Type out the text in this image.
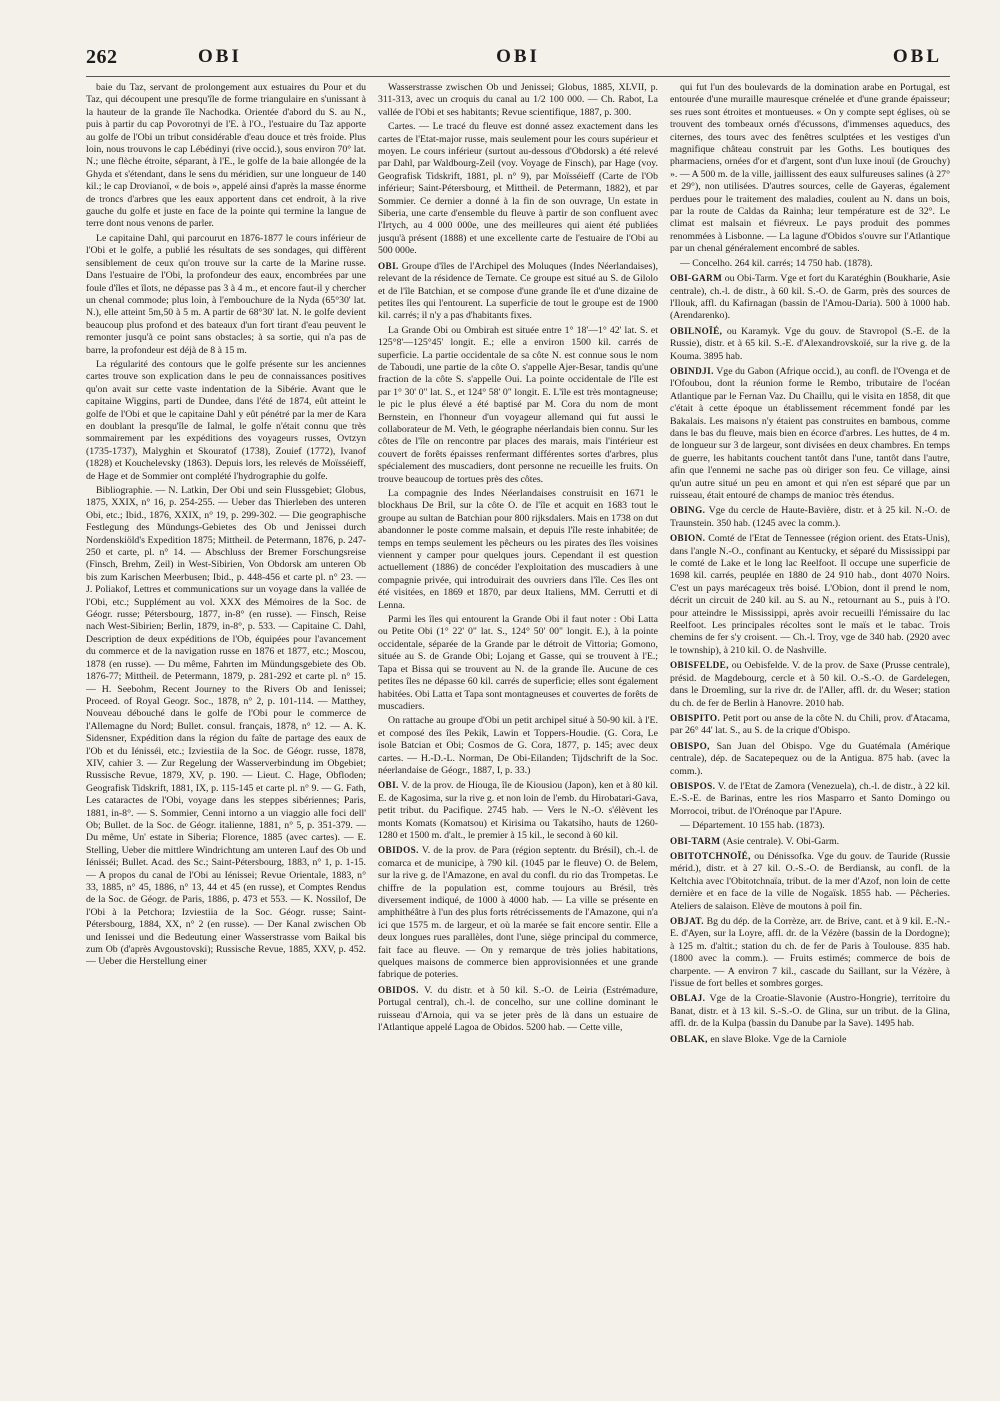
262	OBI	OBI	OBL

baie du Taz, servant de prolongement aux estuaires du Pour et du Taz, qui découpent une presqu'île de forme triangulaire en s'unissant à la hauteur de la grande île Nachodka. Orientée d'abord du S. au N., puis à partir du cap Povorotnyi de l'E. à l'O., l'estuaire du Taz apporte au golfe de l'Obi un tribut considérable d'eau douce et très froide. Plus loin, nous trouvons le cap Lébédinyi (rive occid.), sous environ 70° lat. N.; une flèche étroite, séparant, à l'E., le golfe de la baie allongée de la Ghyda et s'étendant, dans le sens du méridien, sur une longueur de 140 kil.; le cap Drovianoï, « de bois », appelé ainsi d'après la masse énorme de troncs d'arbres que les eaux apportent dans cet endroit, à la rive gauche du golfe et juste en face de la pointe qui termine la langue de terre dont nous venons de parler.

Le capitaine Dahl, qui parcourut en 1876-1877 le cours inférieur de l'Obi et le golfe, a publié les résultats de ses sondages, qui diffèrent sensiblement de ceux qu'on trouve sur la carte de la Marine russe. Dans l'estuaire de l'Obi, la profondeur des eaux, encombrées par une foule d'îles et îlots, ne dépasse pas 3 à 4 m., et encore faut-il y chercher un chenal commode; plus loin, à l'embouchure de la Nyda (65°30' lat. N.), elle atteint 5m,50 à 5 m. A partir de 68°30' lat. N. le golfe devient beaucoup plus profond et des bateaux d'un fort tirant d'eau peuvent le remonter jusqu'à ce point sans obstacles; à sa sortie, qui n'a pas de barre, la profondeur est déjà de 8 à 15 m.

La régularité des contours que le golfe présente sur les anciennes cartes trouve son explication dans le peu de connaissances positives qu'on avait sur cette vaste indentation de la Sibérie. Avant que le capitaine Wiggins, parti de Dundee, dans l'été de 1874, eût atteint le golfe de l'Obi et que le capitaine Dahl y eût pénétré par la mer de Kara en doublant la presqu'île de Ialmal, le golfe n'était connu que très sommairement par les expéditions des voyageurs russes, Ovtzyn (1735-1737), Malyghin et Skouratof (1738), Zouief (1772), Ivanof (1828) et Kouchelevsky (1863). Depuis lors, les relevés de Moïsséieff, de Hage et de Sommier ont complété l'hydrographie du golfe.

Bibliographie. — N. Latkin, Der Obi und sein Flussgebiet; Globus, 1875, XXIX, n° 16, p. 254-255. — Ueber das Thierleben des unteren Obi, etc.; Ibid., 1876, XXIX, n° 19, p. 299-302. — Die geographische Festlegung des Mündungs-Gebietes des Ob und Jenissei durch Nordenskiöld's Expedition 1875; Mittheil. de Petermann, 1876, p. 247-250 et carte, pl. n° 14. — Abschluss der Bremer Forschungsreise (Finsch, Brehm, Zeil) in West-Sibirien, Von Obdorsk am unteren Ob bis zum Karischen Meerbusen; Ibid., p. 448-456 et carte pl. n° 23. — J. Poliakof, Lettres et communications sur un voyage dans la vallée de l'Obi, etc.; Supplément au vol. XXX des Mémoires de la Soc. de Géogr. russe; Pétersbourg, 1877, in-8° (en russe). — Finsch, Reise nach West-Sibirien; Berlin, 1879, in-8°, p. 533. — Capitaine C. Dahl, Description de deux expéditions de l'Ob, équipées pour l'avancement du commerce et de la navigation russe en 1876 et 1877, etc.; Moscou, 1878 (en russe). — Du même, Fahrten im Mündungsgebiete des Ob. 1876-77; Mittheil. de Petermann, 1879, p. 281-292 et carte pl. n° 15. — H. Seebohm, Recent Journey to the Rivers Ob and Ienissei; Proceed. of Royal Geogr. Soc., 1878, n° 2, p. 101-114. — Matthey, Nouveau débouché dans le golfe de l'Obi pour le commerce de l'Allemagne du Nord; Bullet. consul. français, 1878, n° 12. — A. K. Sidensner, Expédition dans la région du faîte de partage des eaux de l'Ob et du Iénisséi, etc.; Izviestiia de la Soc. de Géogr. russe, 1878, XIV, cahier 3. — Zur Regelung der Wasserverbindung im Obgebiet; Russische Revue, 1879, XV, p. 190. — Lieut. C. Hage, Obfloden; Geografisk Tidskrift, 1881, IX, p. 115-145 et carte pl. n° 9. — G. Fath, Les cataractes de l'Obi, voyage dans les steppes sibériennes; Paris, 1881, in-8°. — S. Sommier, Cenni intorno a un viaggio alle foci dell' Ob; Bullet. de la Soc. de Géogr. italienne, 1881, n° 5, p. 351-379. — Du même, Un' estate in Siberia; Florence, 1885 (avec cartes). — E. Stelling, Ueber die mittlere Windrichtung am unteren Lauf des Ob und Iénisséi; Bullet. Acad. des Sc.; Saint-Pétersbourg, 1883, n° 1, p. 1-15. — A propos du canal de l'Obi au Iénissei; Revue Orientale, 1883, n° 33, 1885, n° 45, 1886, n° 13, 44 et 45 (en russe), et Comptes Rendus de la Soc. de Géogr. de Paris, 1886, p. 473 et 553. — K. Nossilof, De l'Obi à la Petchora; Izviestiia de la Soc. Géogr. russe; Saint-Pétersbourg, 1884, XX, n° 2 (en russe). — Der Kanal zwischen Ob und Ienissei und die Bedeutung einer Wasserstrasse vom Baikal bis zum Ob (d'après Avgoustovski); Russische Revue, 1885, XXV, p. 452. — Ueber die Herstellung einer

Wasserstrasse zwischen Ob und Jenissei; Globus, 1885, XLVII, p. 311-313, avec un croquis du canal au 1/2 100 000. — Ch. Rabot, La vallée de l'Obi et ses habitants; Revue scientifique, 1887, p. 300.

Cartes. — Le tracé du fleuve est donné assez exactement dans les cartes de l'Etat-major russe, mais seulement pour les cours supérieur et moyen. Le cours inférieur (surtout au-dessous d'Obdorsk) a été relevé par Dahl, par Waldbourg-Zeil (voy. Voyage de Finsch), par Hage (voy. Geografisk Tidskrift, 1881, pl. n° 9), par Moïsséieff (Carte de l'Ob inférieur; Saint-Pétersbourg, et Mittheil. de Petermann, 1882), et par Sommier. Ce dernier a donné à la fin de son ouvrage, Un estate in Siberia, une carte d'ensemble du fleuve à partir de son confluent avec l'Irtych, au 4 000 000e, une des meilleures qui aient été publiées jusqu'à présent (1888) et une excellente carte de l'estuaire de l'Obi au 500 000e.

OBI. Groupe d'îles de l'Archipel des Moluques (Indes Néerlandaises), relevant de la résidence de Ternate. Ce groupe est situé au S. de Gilolo et de l'île Batchian, et se compose d'une grande île et d'une dizaine de petites îles qui l'entourent. La superficie de tout le groupe est de 1900 kil. carrés; il n'y a pas d'habitants fixes.

La Grande Obi ou Ombirah est située entre 1° 18'—1° 42' lat. S. et 125°8'—125°45' longit. E.; elle a environ 1500 kil. carrés de superficie. La partie occidentale de sa côte N. est connue sous le nom de Taboudi, une partie de la côte O. s'appelle Ajer-Besar, tandis qu'une fraction de la côte S. s'appelle Oui. La pointe occidentale de l'île est par 1° 30' 0" lat. S., et 124° 58' 0" longit. E. L'île est très montagneuse; le pic le plus élevé a été baptisé par M. Cora du nom de mont Bernstein, en l'honneur d'un voyageur allemand qui fut aussi le collaborateur de M. Veth, le géographe néerlandais bien connu. Sur les côtes de l'île on rencontre par places des marais, mais l'intérieur est couvert de forêts épaisses renfermant différentes sortes d'arbres, plus spécialement des muscadiers, dont personne ne recueille les fruits. On trouve beaucoup de tortues près des côtes.

La compagnie des Indes Néerlandaises construisit en 1671 le blockhaus De Bril, sur la côte O. de l'île et acquit en 1683 tout le groupe au sultan de Batchian pour 800 rijksdalers. Mais en 1738 on dut abandonner le poste comme malsain, et depuis l'île reste inhabitée; de temps en temps seulement les pêcheurs ou les pirates des îles voisines viennent y camper pour quelques jours. Cependant il est question actuellement (1886) de concéder l'exploitation des muscadiers à une compagnie privée, qui introduirait des ouvriers dans l'île. Ces îles ont été visitées, en 1869 et 1870, par deux Italiens, MM. Cerrutti et di Lenna.

Parmi les îles qui entourent la Grande Obi il faut noter : Obi Latta ou Petite Obi (1° 22' 0" lat. S., 124° 50' 00" longit. E.), à la pointe occidentale, séparée de la Grande par le détroit de Vittoria; Gomono, située au S. de Grande Obi; Lojang et Gasse, qui se trouvent à l'E.; Tapa et Bissa qui se trouvent au N. de la grande île. Aucune de ces petites îles ne dépasse 60 kil. carrés de superficie; elles sont également habitées. Obi Latta et Tapa sont montagneuses et couvertes de forêts de muscadiers.

On rattache au groupe d'Obi un petit archipel situé à 50-90 kil. à l'E. et composé des îles Pekik, Lawin et Toppers-Houdie. (G. Cora, Le isole Batcian et Obi; Cosmos de G. Cora, 1877, p. 145; avec deux cartes. — H.-D.-L. Norman, De Obi-Eilanden; Tijdschrift de la Soc. néerlandaise de Géogr., 1887, I, p. 33.)

OBI. V. de la prov. de Hiouga, île de Kiousiou (Japon), ken et à 80 kil. E. de Kagosima, sur la rive g. et non loin de l'emb. du Hirobatari-Gava, petit tribut. du Pacifique. 2745 hab. — Vers le N.-O. s'élèvent les monts Komats (Komatsou) et Kirisima ou Takatsiho, hauts de 1260-1280 et 1500 m. d'alt., le premier à 15 kil., le second à 60 kil.

OBIDOS. V. de la prov. de Para (région septentr. du Brésil), ch.-l. de comarca et de municipe, à 790 kil. (1045 par le fleuve) O. de Belem, sur la rive g. de l'Amazone, en aval du confl. du rio das Trompetas. Le chiffre de la population est, comme toujours au Brésil, très diversement indiqué, de 1000 à 4000 hab. — La ville se présente en amphithéâtre à l'un des plus forts rétrécissements de l'Amazone, qui n'a ici que 1575 m. de largeur, et où la marée se fait encore sentir. Elle a deux longues rues parallèles, dont l'une, siège principal du commerce, fait face au fleuve. — On y remarque de très jolies habitations, quelques maisons de commerce bien approvisionnées et une grande fabrique de poteries.

OBIDOS. V. du distr. et à 50 kil. S.-O. de Leiria (Estrémadure, Portugal central), ch.-l. de concelho, sur une colline dominant le ruisseau d'Arnoia, qui va se jeter près de là dans un estuaire de l'Atlantique appelé Lagoa de Obidos. 5200 hab. — Cette ville,

qui fut l'un des boulevards de la domination arabe en Portugal, est entourée d'une muraille mauresque crénelée et d'une grande épaisseur; ses rues sont étroites et montueuses. « On y compte sept églises, où se trouvent des tombeaux ornés d'écussons, d'immenses aqueducs, des citernes, des tours avec des fenêtres sculptées et les vestiges d'un magnifique château construit par les Goths. Les boutiques des pharmaciens, ornées d'or et d'argent, sont d'un luxe inouï (de Grouchy) ». — A 500 m. de la ville, jaillissent des eaux sulfureuses salines (à 27° et 29°), non utilisées. D'autres sources, celle de Gayeras, également perdues pour le traitement des maladies, coulent au N. dans un bois, par la route de Caldas da Rainha; leur température est de 32°. Le climat est malsain et fiévreux. Le pays produit des pommes renommées à Lisbonne. — La lagune d'Obidos s'ouvre sur l'Atlantique par un chenal généralement encombré de sables.

— Concelho. 264 kil. carrés; 14 750 hab. (1878).

OBI-GARM ou Obi-Tarm. Vge et fort du Karatéghin (Boukharie, Asie centrale), ch.-l. de distr., à 60 kil. S.-O. de Garm, près des sources de l'Ilouk, affl. du Kafirnagan (bassin de l'Amou-Daria). 500 à 1000 hab. (Arendarenko).

OBILNOÏÉ, ou Karamyk. Vge du gouv. de Stavropol (S.-E. de la Russie), distr. et à 65 kil. S.-E. d'Alexandrovskoïé, sur la rive g. de la Kouma. 3895 hab.

OBINDJI. Vge du Gabon (Afrique occid.), au confl. de l'Ovenga et de l'Ofoubou, dont la réunion forme le Rembo, tributaire de l'océan Atlantique par le Fernan Vaz. Du Chaillu, qui le visita en 1858, dit que c'était à cette époque un établissement récemment fondé par les Bakalais. Les maisons n'y étaient pas construites en bambous, comme dans le bas du fleuve, mais bien en écorce d'arbres. Les huttes, de 4 m. de longueur sur 3 de largeur, sont divisées en deux chambres. En temps de guerre, les habitants couchent tantôt dans l'une, tantôt dans l'autre, afin que l'ennemi ne sache pas où diriger son feu. Ce village, ainsi qu'un autre situé un peu en amont et qui n'en est séparé que par un ruisseau, était entouré de champs de manioc très étendus.

OBING. Vge du cercle de Haute-Bavière, distr. et à 25 kil. N.-O. de Traunstein. 350 hab. (1245 avec la comm.).

OBION. Comté de l'Etat de Tennessee (région orient. des Etats-Unis), dans l'angle N.-O., confinant au Kentucky, et séparé du Mississippi par le comté de Lake et le long lac Reelfoot. Il occupe une superficie de 1698 kil. carrés, peuplée en 1880 de 24 910 hab., dont 4070 Noirs. C'est un pays marécageux très boisé. L'Obion, dont il prend le nom, décrit un circuit de 240 kil. au S. au N., retournant au S., puis à l'O. pour atteindre le Mississippi, après avoir recueilli l'émissaire du lac Reelfoot. Les principales récoltes sont le maïs et le tabac. Trois chemins de fer s'y croisent. — Ch.-l. Troy, vge de 340 hab. (2920 avec le township), à 210 kil. O. de Nashville.

OBISFELDE, ou Oebisfelde. V. de la prov. de Saxe (Prusse centrale), présid. de Magdebourg, cercle et à 50 kil. O.-S.-O. de Gardelegen, dans le Droemling, sur la rive dr. de l'Aller, affl. dr. du Weser; station du ch. de fer de Berlin à Hanovre. 2010 hab.

OBISPITO. Petit port ou anse de la côte N. du Chili, prov. d'Atacama, par 26° 44' lat. S., au S. de la crique d'Obispo.

OBISPO, San Juan del Obispo. Vge du Guatémala (Amérique centrale), dép. de Sacatepequez ou de la Antigua. 875 hab. (avec la comm.).

OBISPOS. V. de l'Etat de Zamora (Venezuela), ch.-l. de distr., à 22 kil. E.-S.-E. de Barinas, entre les rios Masparro et Santo Domingo ou Morrocoi, tribut. de l'Orénoque par l'Apure.

— Département. 10 155 hab. (1873).

OBI-TARM (Asie centrale). V. Obi-Garm.

OBITOTCHNOÏÉ, ou Dénissofka. Vge du gouv. de Tauride (Russie mérid.), distr. et à 27 kil. O.-S.-O. de Berdiansk, au confl. de la Keltchia avec l'Obitotchnaïa, tribut. de la mer d'Azof, non loin de cette dernière et en face de la ville de Nogaïsk. 1855 hab. — Pêcheries. Ateliers de salaison. Elève de moutons à poil fin.

OBJAT. Bg du dép. de la Corrèze, arr. de Brive, cant. et à 9 kil. E.-N.-E. d'Ayen, sur la Loyre, affl. dr. de la Vézère (bassin de la Dordogne); à 125 m. d'altit.; station du ch. de fer de Paris à Toulouse. 835 hab. (1800 avec la comm.). — Fruits estimés; commerce de bois de charpente. — A environ 7 kil., cascade du Saillant, sur la Vézère, à l'issue de fort belles et sombres gorges.

OBLAJ. Vge de la Croatie-Slavonie (Austro-Hongrie), territoire du Banat, distr. et à 13 kil. S.-S.-O. de Glina, sur un tribut. de la Glina, affl. dr. de la Kulpa (bassin du Danube par la Save). 1495 hab.

OBLAK, en slave Bloke. Vge de la Carniole
